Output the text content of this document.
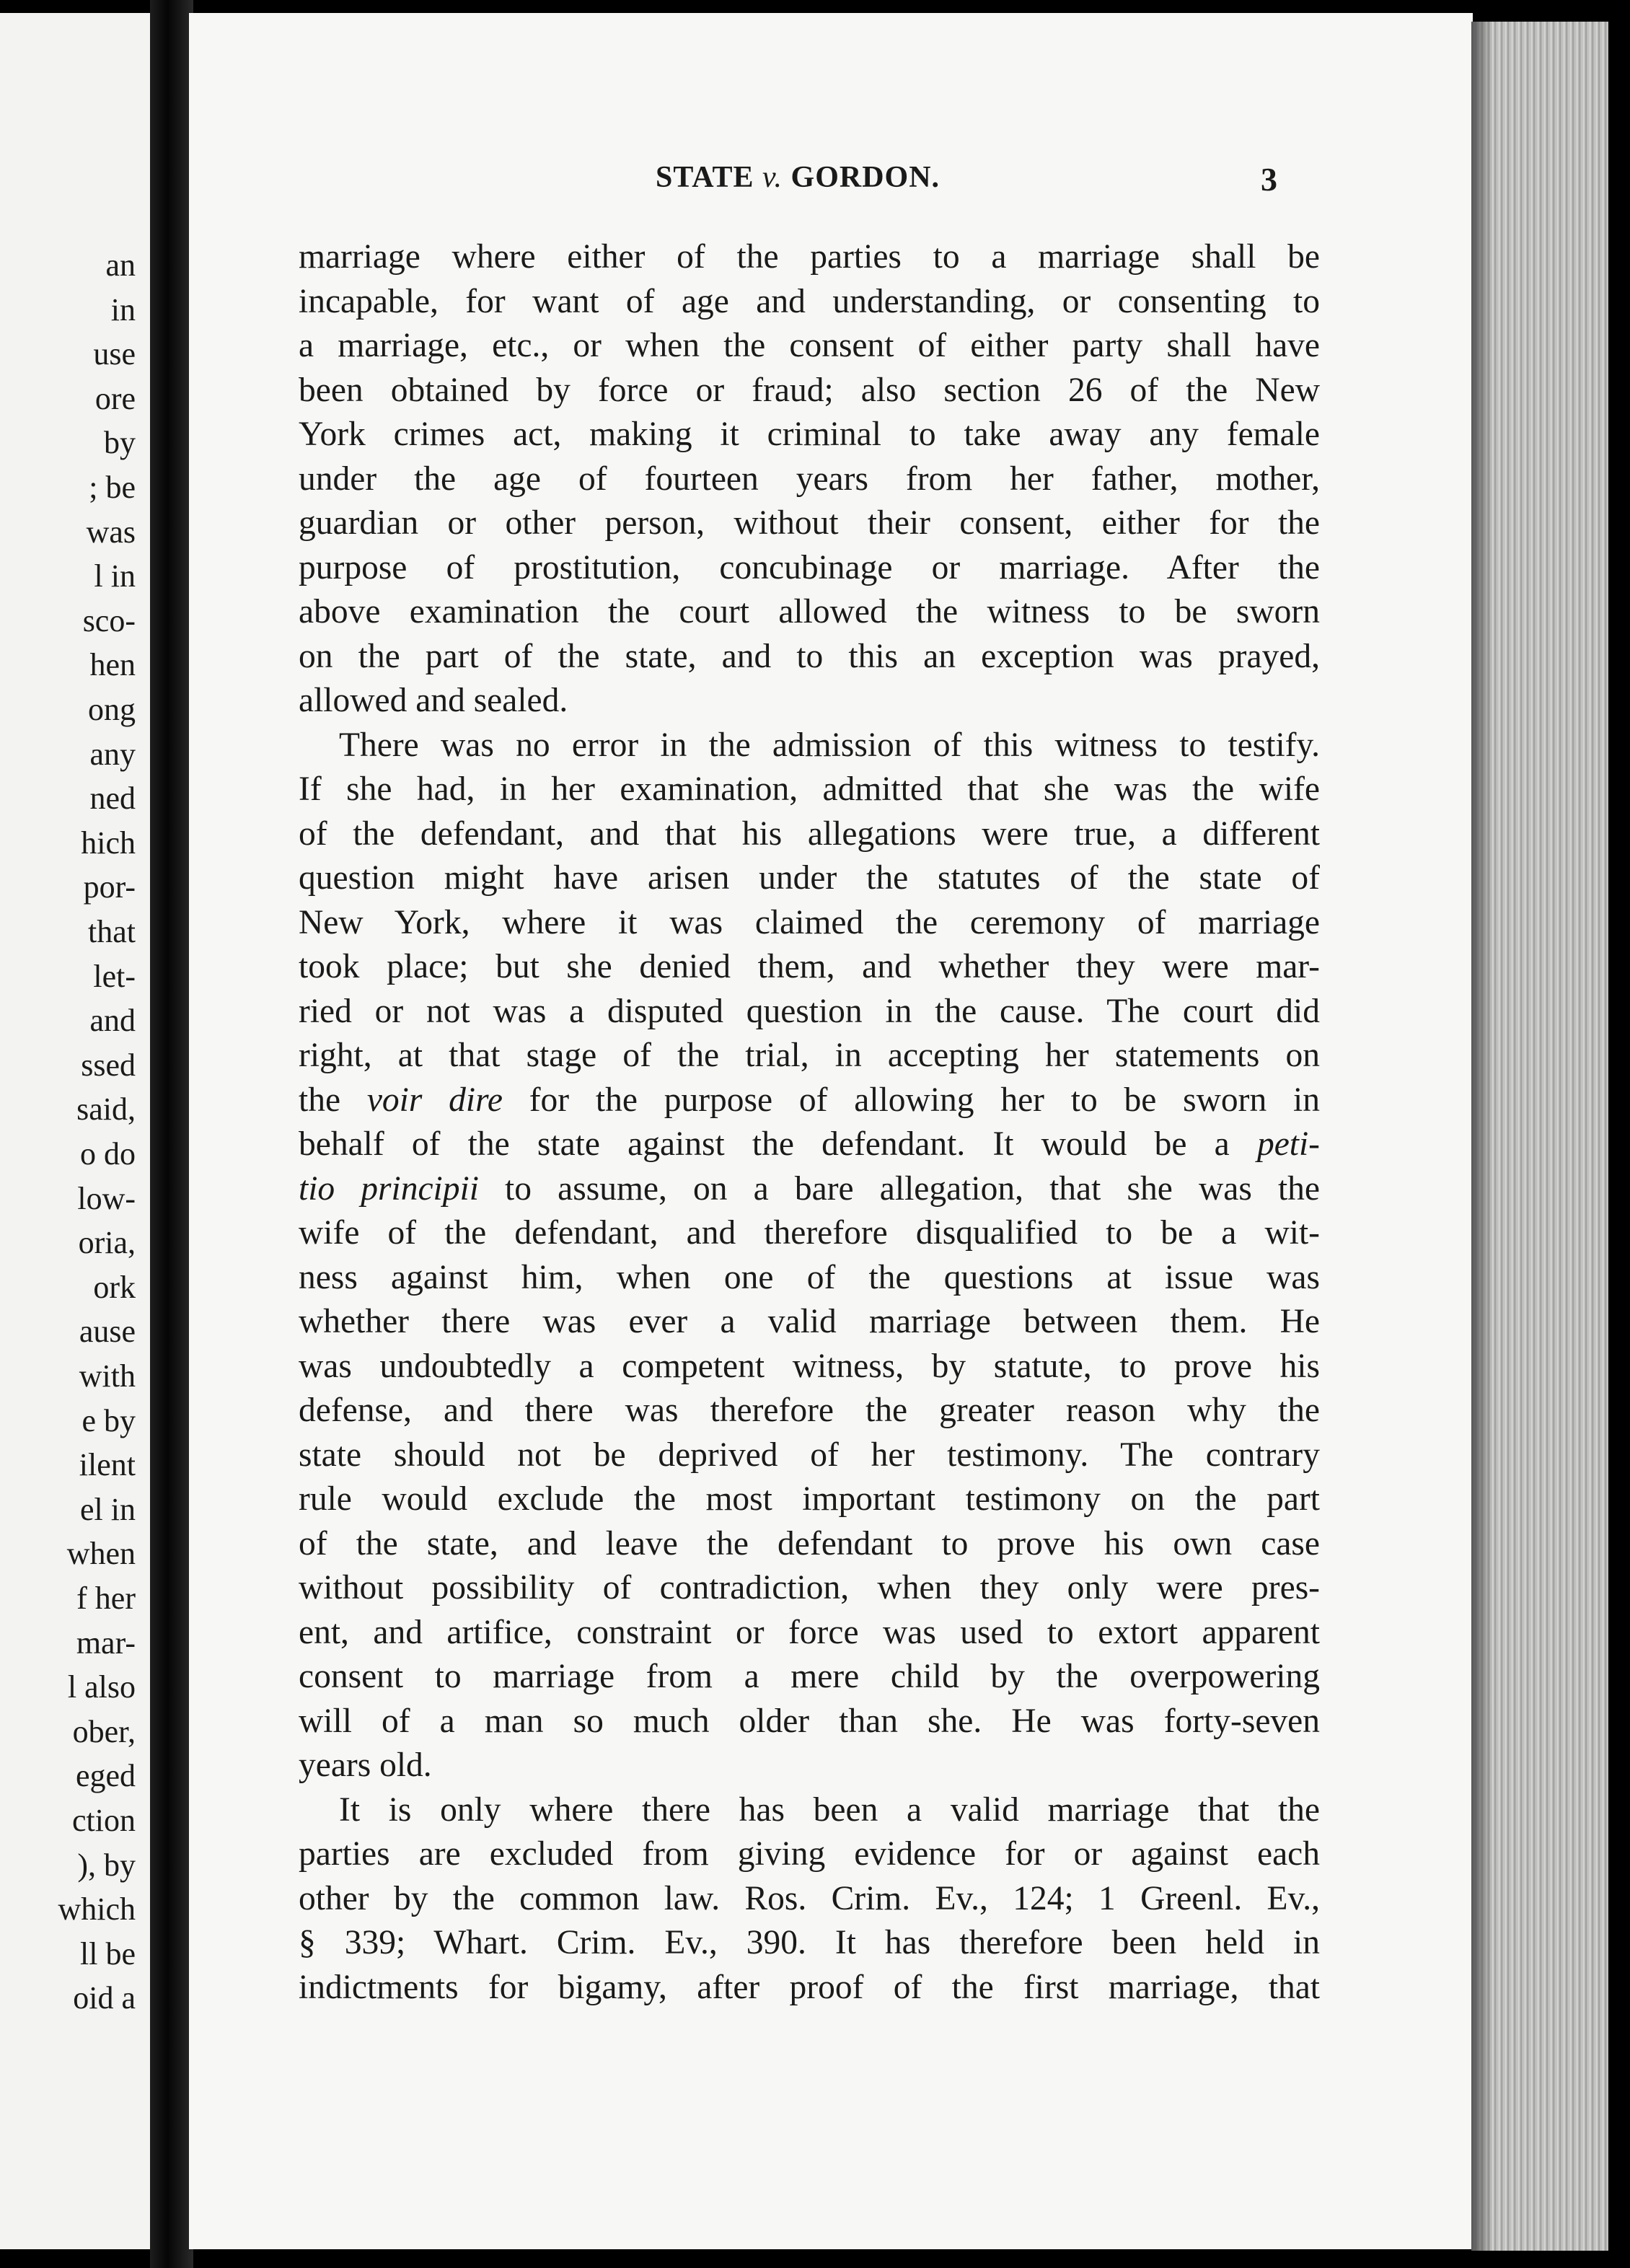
an
in
use
ore
by
; be
was
l in
sco-
hen
ong
any
ned
hich
por-
that
let-
and
ssed
said,
o do
low-
oria,
ork
ause
with
e by
ilent
el in
when
f her
mar-
l also
ober,
eged
ction
), by
which
ll be
oid a
STATE v. GORDON.	3
marriage where either of the parties to a marriage shall be
incapable, for want of age and understanding, or consenting to
a marriage, etc., or when the consent of either party shall have
been obtained by force or fraud; also section 26 of the New
York crimes act, making it criminal to take away any female
under the age of fourteen years from her father, mother,
guardian or other person, without their consent, either for the
purpose of prostitution, concubinage or marriage. After the
above examination the court allowed the witness to be sworn
on the part of the state, and to this an exception was prayed,
allowed and sealed.
There was no error in the admission of this witness to testify.
If she had, in her examination, admitted that she was the wife
of the defendant, and that his allegations were true, a different
question might have arisen under the statutes of the state of
New York, where it was claimed the ceremony of marriage
took place; but she denied them, and whether they were mar-
ried or not was a disputed question in the cause. The court did
right, at that stage of the trial, in accepting her statements on
the voir dire for the purpose of allowing her to be sworn in
behalf of the state against the defendant. It would be a peti-
tio principii to assume, on a bare allegation, that she was the
wife of the defendant, and therefore disqualified to be a wit-
ness against him, when one of the questions at issue was
whether there was ever a valid marriage between them. He
was undoubtedly a competent witness, by statute, to prove his
defense, and there was therefore the greater reason why the
state should not be deprived of her testimony. The contrary
rule would exclude the most important testimony on the part
of the state, and leave the defendant to prove his own case
without possibility of contradiction, when they only were pres-
ent, and artifice, constraint or force was used to extort apparent
consent to marriage from a mere child by the overpowering
will of a man so much older than she. He was forty-seven
years old.
It is only where there has been a valid marriage that the
parties are excluded from giving evidence for or against each
other by the common law. Ros. Crim. Ev., 124; 1 Greenl. Ev.,
§ 339; Whart. Crim. Ev., 390. It has therefore been held in
indictments for bigamy, after proof of the first marriage, that
